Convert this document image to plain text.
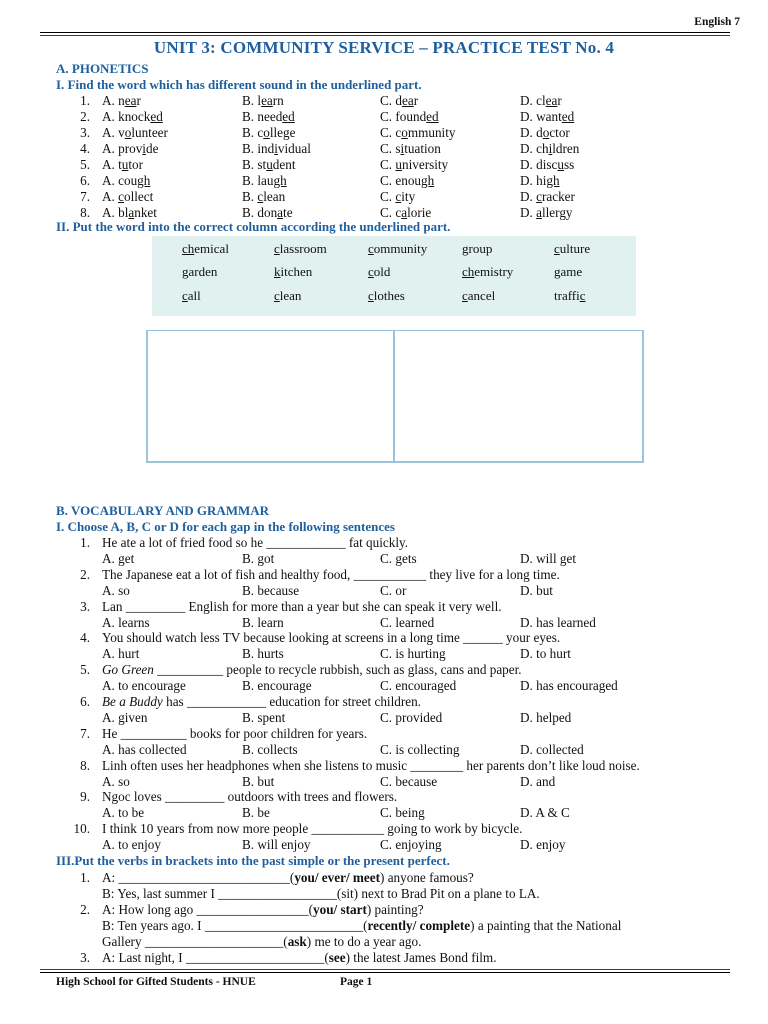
English 7
UNIT 3: COMMUNITY SERVICE – PRACTICE TEST No. 4
A. PHONETICS
I. Find the word which has different sound in the underlined part.
1. A. near	B. learn	C. dear	D. clear
2. A. knocked	B. needed	C. founded	D. wanted
3. A. volunteer	B. college	C. community	D. doctor
4. A. provide	B. individual	C. situation	D. children
5. A. tutor	B. student	C. university	D. discuss
6. A. cough	B. laugh	C. enough	D. high
7. A. collect	B. clean	C. city	D. cracker
8. A. blanket	B. donate	C. calorie	D. allergy
II. Put the word into the correct column according the underlined part.
chemical	classroom	community	group	culture
garden	kitchen	cold	chemistry	game
call	clean	clothes	cancel	traffic
B. VOCABULARY AND GRAMMAR
I. Choose A, B, C or D for each gap in the following sentences
1. He ate a lot of fried food so he ____________ fat quickly.
A. get	B. got	C. gets	D. will get
2. The Japanese eat a lot of fish and healthy food, ___________ they live for a long time.
A. so	B. because	C. or	D. but
3. Lan _________ English for more than a year but she can speak it very well.
A. learns	B. learn	C. learned	D. has learned
4. You should watch less TV because looking at screens in a long time ______ your eyes.
A. hurt	B. hurts	C. is hurting	D. to hurt
5. Go Green __________ people to recycle rubbish, such as glass, cans and paper.
A. to encourage	B. encourage	C. encouraged	D. has encouraged
6. Be a Buddy has ____________ education for street children.
A. given	B. spent	C. provided	D. helped
7. He __________ books for poor children for years.
A. has collected	B. collects	C. is collecting	D. collected
8. Linh often uses her headphones when she listens to music ________ her parents don’t like loud noise.
A. so	B. but	C. because	D. and
9. Ngoc loves _________ outdoors with trees and flowers.
A. to be	B. be	C. being	D. A & C
10. I think 10 years from now more people ___________ going to work by bicycle.
A. to enjoy	B. will enjoy	C. enjoying	D. enjoy
III.Put the verbs in brackets into the past simple or the present perfect.
1. A: __________________________(you/ ever/ meet) anyone famous?
B: Yes, last summer I __________________(sit) next to Brad Pit on a plane to LA.
2. A: How long ago _________________(you/ start) painting?
B: Ten years ago. I ________________________(recently/ complete) a painting that the National
Gallery _____________________(ask) me to do a year ago.
3. A: Last night, I _____________________(see) the latest James Bond film.
High School for Gifted Students - HNUE	Page 1
